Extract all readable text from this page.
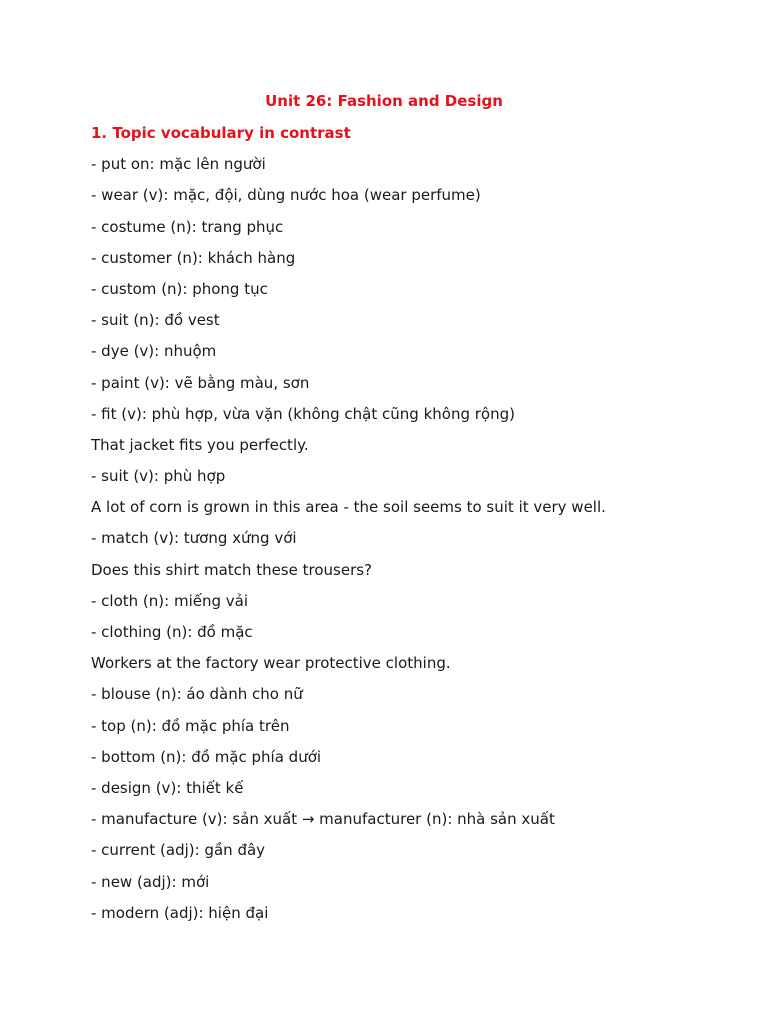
Unit 26: Fashion and Design
1. Topic vocabulary in contrast
- put on: mặc lên người
- wear (v): mặc, đội, dùng nước hoa (wear perfume)
- costume (n): trang phục
- customer (n): khách hàng
- custom (n): phong tục
- suit (n): đồ vest
- dye (v): nhuộm
- paint (v): vẽ bằng màu, sơn
- fit (v): phù hợp, vừa vặn (không chật cũng không rộng)
That jacket fits you perfectly.
- suit (v): phù hợp
A lot of corn is grown in this area - the soil seems to suit it very well.
- match (v): tương xứng với
Does this shirt match these trousers?
- cloth (n): miếng vải
- clothing (n): đồ mặc
Workers at the factory wear protective clothing.
- blouse (n): áo dành cho nữ
- top (n): đồ mặc phía trên
- bottom (n): đồ mặc phía dưới
- design (v): thiết kế
- manufacture (v): sản xuất → manufacturer (n): nhà sản xuất
- current (adj): gần đây
- new (adj): mới
- modern (adj): hiện đại
